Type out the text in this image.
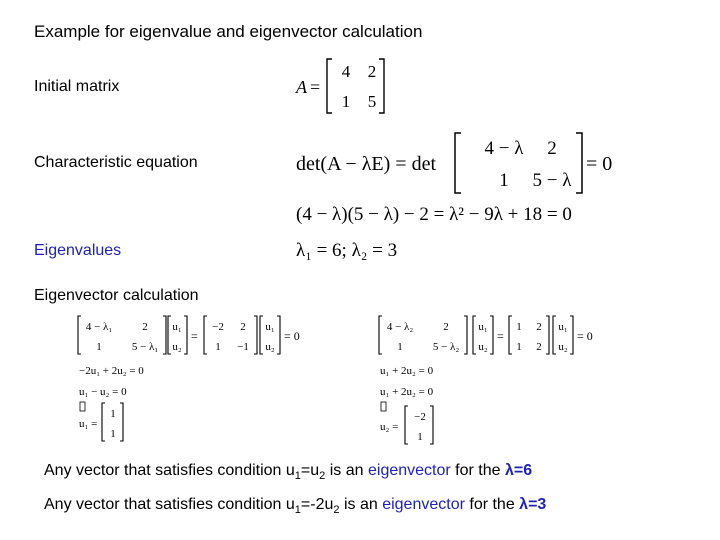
Example for eigenvalue and eigenvector calculation
Initial matrix
Characteristic equation
Eigenvalues
Eigenvector calculation
A =
4 2
1 5
det(A − λE) = det
4 − λ 2
1 5 − λ
= 0
(4 − λ)(5 − λ) − 2 = λ² − 9λ + 18 = 0
λ₁ = 6; λ₂ = 3
4 − λ₁	2
1	5 − λ₁
u₁
u₂
=
−2 2
1 −1
u₁
u₂
= 0
−2u₁ + 2u₂ = 0
u₁ − u₂ = 0
u₁ =
1
1
4 − λ₂	2
1	5 − λ₂
u₁
u₂
=
1 2
1 2
u₁
u₂
= 0
u₁ + 2u₂ = 0
u₁ + 2u₂ = 0
u₂ =
−2
1
Any vector that satisfies condition $u_1=u_2$ is an eigenvector for the λ=6
Any vector that satisfies condition $u_1=-2u_2$ is an eigenvector for the λ=3
